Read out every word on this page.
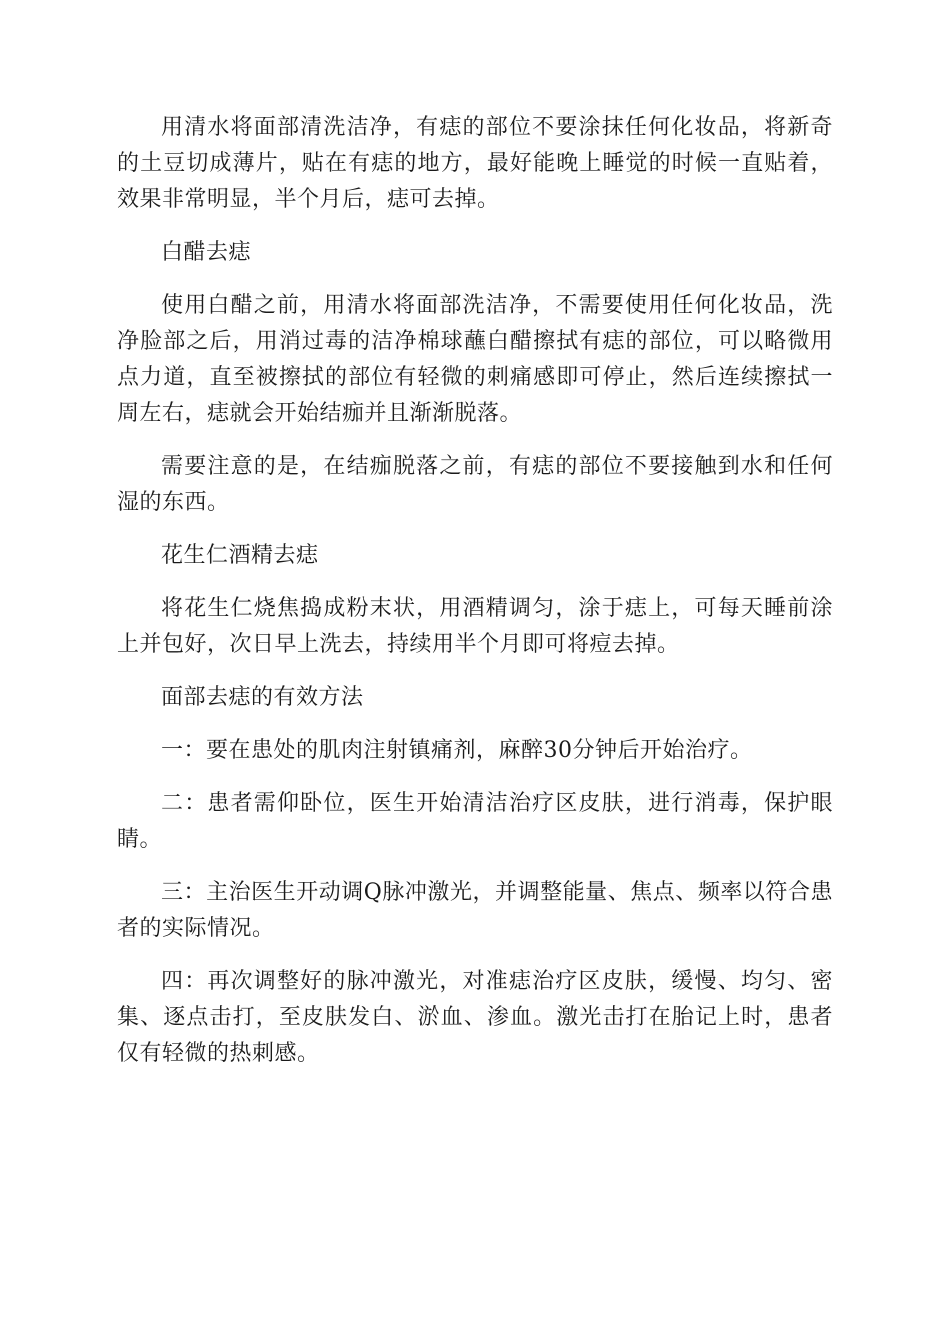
用清水将面部清洗洁净，有痣的部位不要涂抹任何化妆品，将新奇的土豆切成薄片，贴在有痣的地方，最好能晚上睡觉的时候一直贴着，效果非常明显，半个月后，痣可去掉。

白醋去痣

使用白醋之前，用清水将面部洗洁净，不需要使用任何化妆品，洗净脸部之后，用消过毒的洁净棉球蘸白醋擦拭有痣的部位，可以略微用点力道，直至被擦拭的部位有轻微的刺痛感即可停止，然后连续擦拭一周左右，痣就会开始结痂并且渐渐脱落。

需要注意的是，在结痂脱落之前，有痣的部位不要接触到水和任何湿的东西。

花生仁酒精去痣

将花生仁烧焦捣成粉末状，用酒精调匀，涂于痣上，可每天睡前涂上并包好，次日早上洗去，持续用半个月即可将痘去掉。

面部去痣的有效方法

一：要在患处的肌肉注射镇痛剂，麻醉30分钟后开始治疗。

二：患者需仰卧位，医生开始清洁治疗区皮肤，进行消毒，保护眼睛。

三：主治医生开动调Q脉冲激光，并调整能量、焦点、频率以符合患者的实际情况。

四：再次调整好的脉冲激光，对准痣治疗区皮肤，缓慢、均匀、密集、逐点击打，至皮肤发白、淤血、渗血。激光击打在胎记上时，患者仅有轻微的热刺感。
